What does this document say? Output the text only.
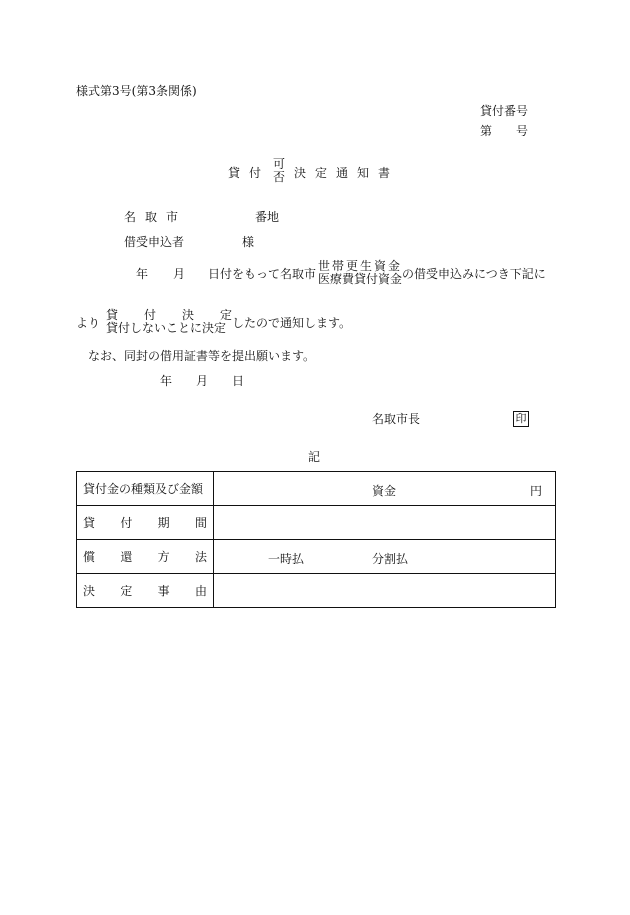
様式第3号(第3条関係)
貸付番号
第 号
貸付
可
否 決定通知書
名取市	番地
借受申込者	様
年 月 日付をもって名取市
世帯更生資金
医療費貸付資金 の借受申込みにつき下記に
より
貸 付 決 定
貸付しないことに決定 したので通知します。
なお、同封の借用証書等を提出願います。
年 月 日
名取市長	印
記
貸付金の種類及び金額	資金 円

貸 付 期 間	

償 還 方 法	一時払 分割払

決 定 事 由	
